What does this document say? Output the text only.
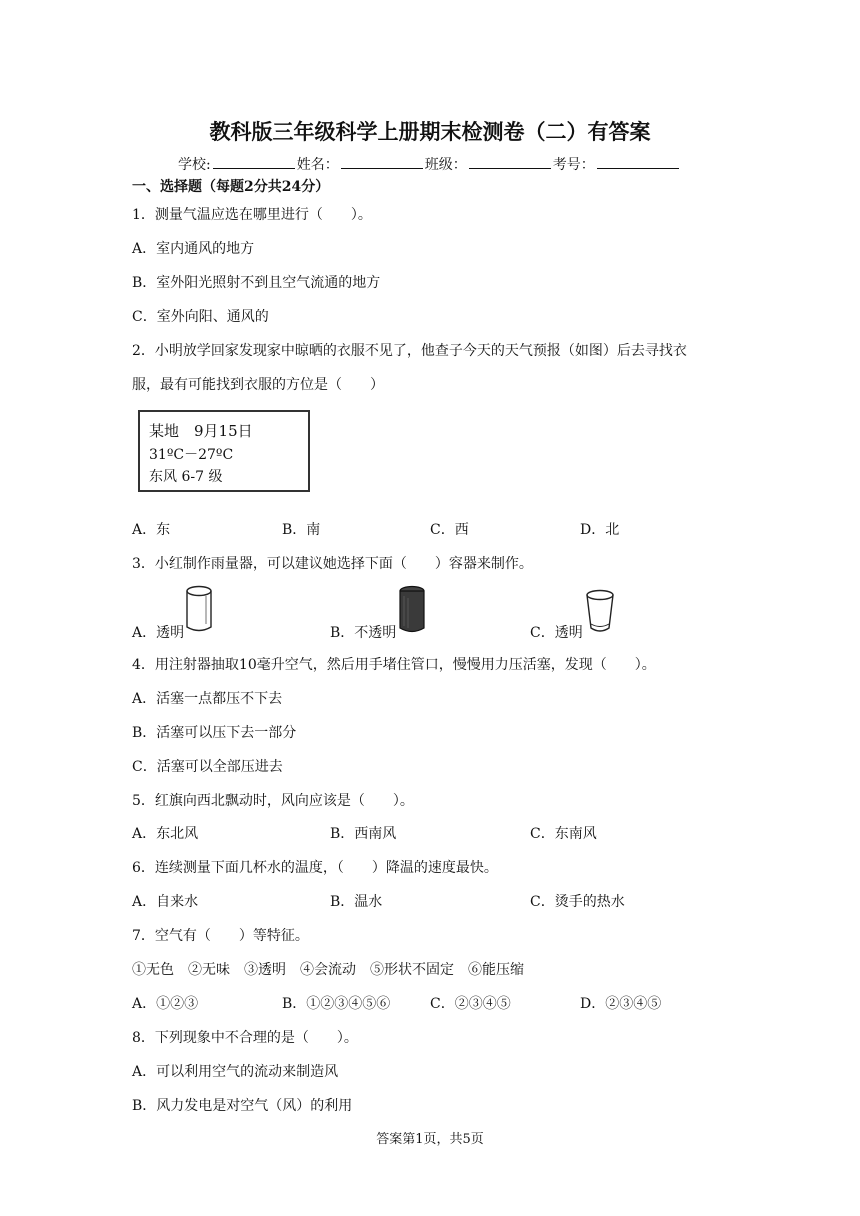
教科版三年级科学上册期末检测卷（二）有答案
学校:	姓名：	班级：	考号：
一、选择题（每题2分共24分）
1．测量气温应选在哪里进行（　　）。
A．室内通风的地方
B．室外阳光照射不到且空气流通的地方
C．室外向阳、通风的
2．小明放学回家发现家中晾晒的衣服不见了，他查子今天的天气预报（如图）后去寻找衣
服，最有可能找到衣服的方位是（　　）
某地　9月15日
31ºC－27ºC
东风 6-7 级
A．东	B．南	C．西	D．北
3．小红制作雨量器，可以建议她选择下面（　　）容器来制作。
A．透明	B．不透明	C．透明
4．用注射器抽取10毫升空气，然后用手堵住管口，慢慢用力压活塞，发现（　　）。
A．活塞一点都压不下去
B．活塞可以压下去一部分
C．活塞可以全部压进去
5．红旗向西北飘动时，风向应该是（　　）。
A．东北风	B．西南风	C．东南风
6．连续测量下面几杯水的温度，（　　）降温的速度最快。
A．自来水	B．温水	C．烫手的热水
7．空气有（　　）等特征。
①无色　②无味　③透明　④会流动　⑤形状不固定　⑥能压缩
A．①②③	B．①②③④⑤⑥	C．②③④⑤	D．②③④⑤
8．下列现象中不合理的是（　　）。
A．可以利用空气的流动来制造风
B．风力发电是对空气（风）的利用
答案第1页，共5页
